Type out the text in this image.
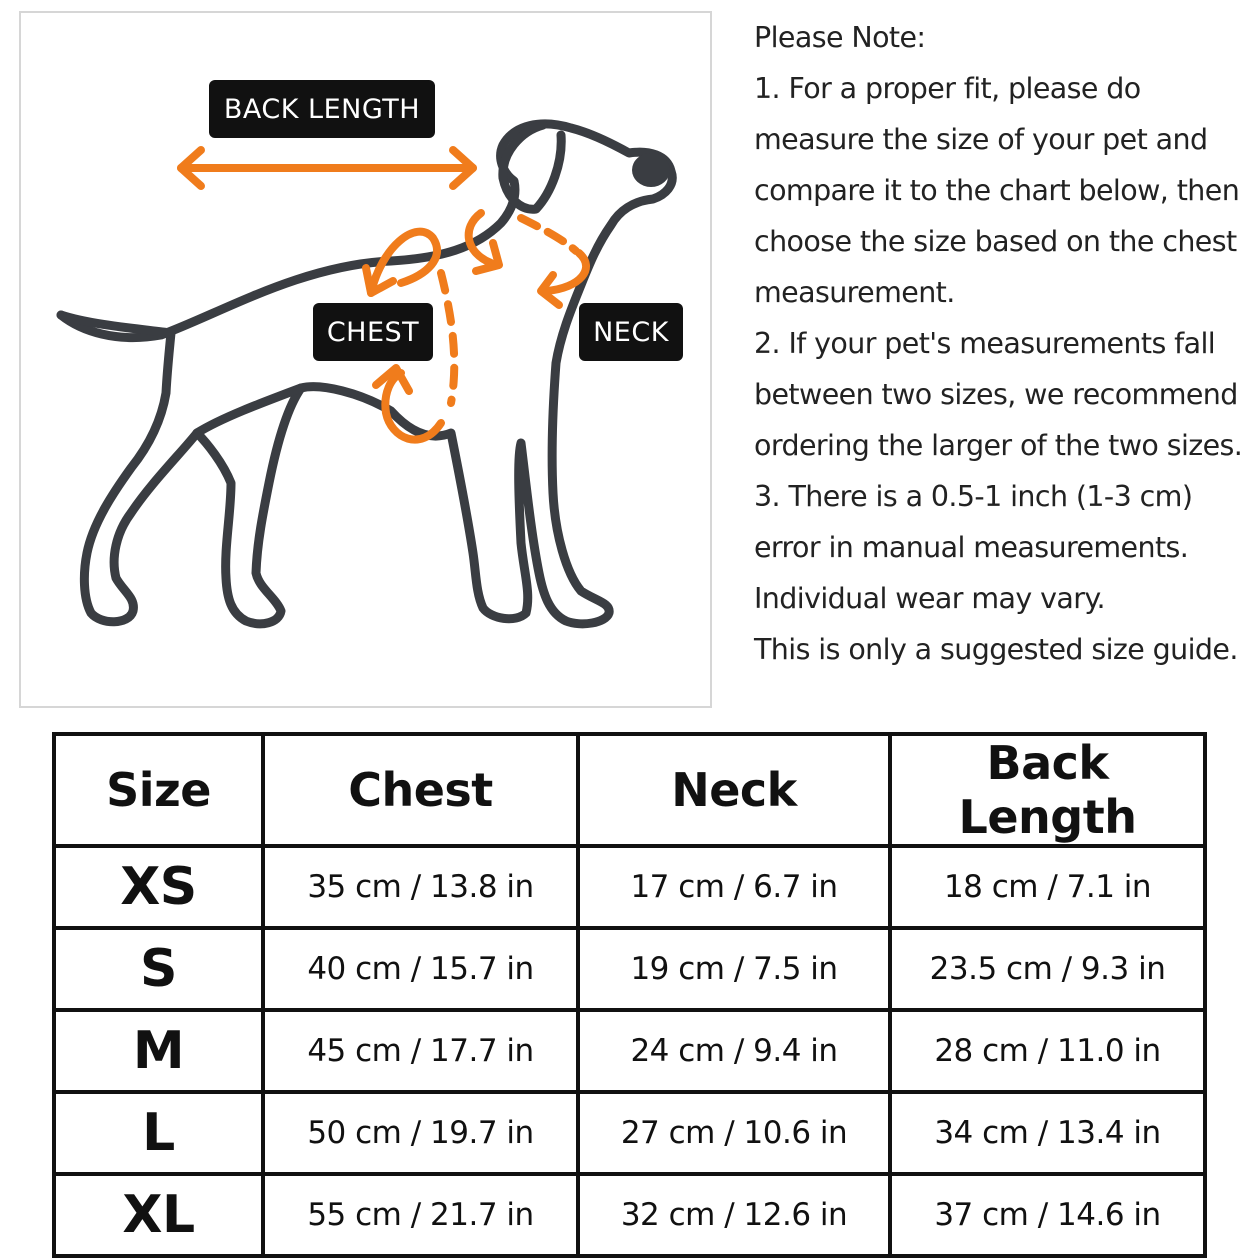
BACK LENGTH
CHEST	NECK
Please Note:
1. For a proper fit, please do
measure the size of your pet and
compare it to the chart below, then
choose the size based on the chest
measurement.
2. If your pet's measurements fall
between two sizes, we recommend
ordering the larger of the two sizes.
3. There is a 0.5-1 inch (1-3 cm)
error in manual measurements.
Individual wear may vary.
This is only a suggested size guide.
Size	Chest	Neck	Back Length
XS	35 cm / 13.8 in	17 cm / 6.7 in	18 cm / 7.1 in
S	40 cm / 15.7 in	19 cm / 7.5 in	23.5 cm / 9.3 in
M	45 cm / 17.7 in	24 cm / 9.4 in	28 cm / 11.0 in
L	50 cm / 19.7 in	27 cm / 10.6 in	34 cm / 13.4 in
XL	55 cm / 21.7 in	32 cm / 12.6 in	37 cm / 14.6 in
